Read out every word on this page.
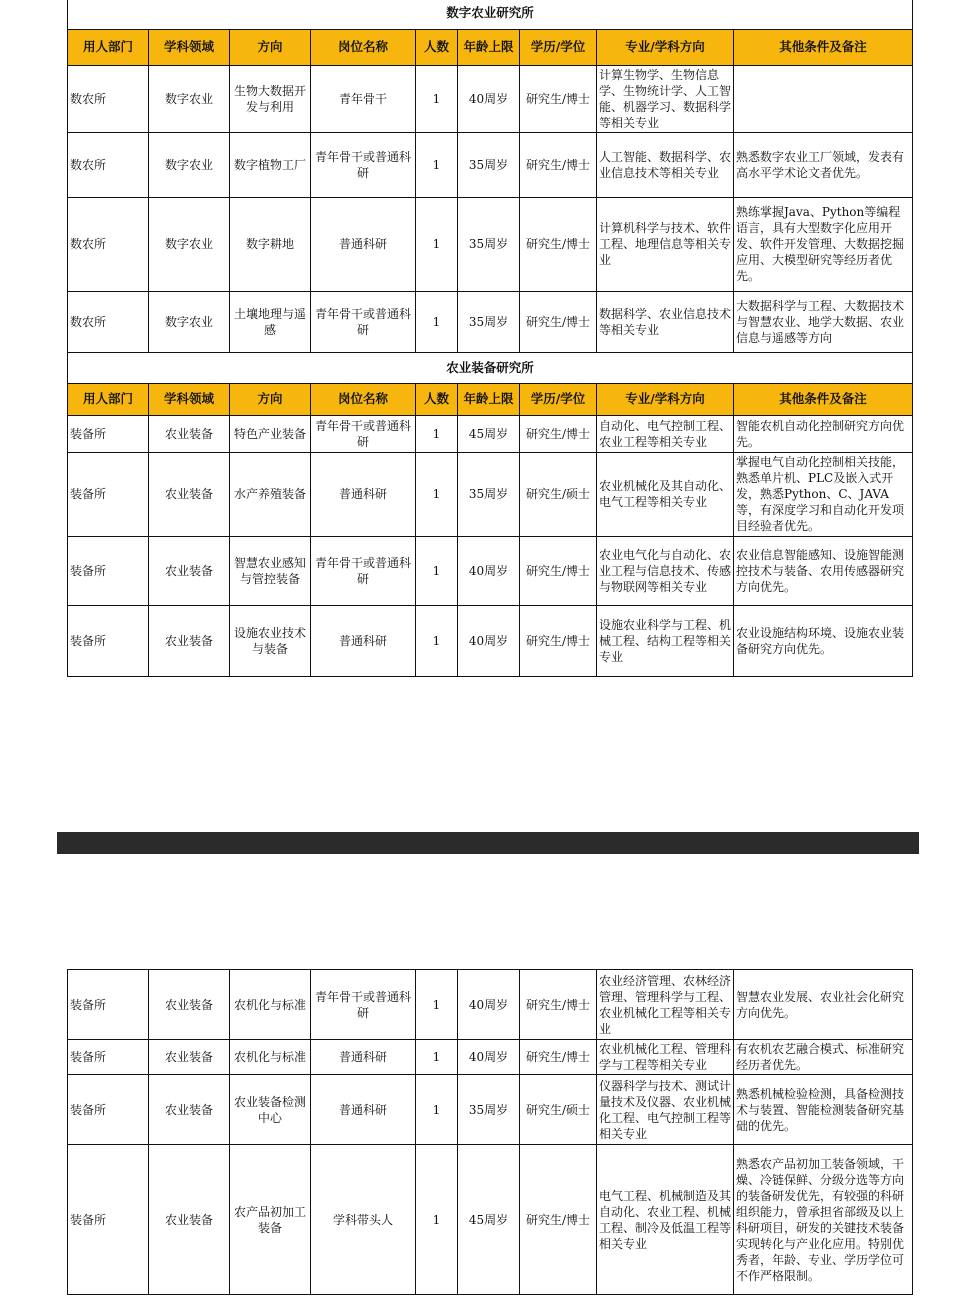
数字农业研究所								
用人部门	学科领域	方向	岗位名称	人数	年龄上限	学历/学位	专业/学科方向	其他条件及备注
数农所	数字农业	生物大数据开发与利用	青年骨干	1	40周岁	研究生/博士	计算生物学、生物信息学、生物统计学、人工智能、机器学习、数据科学等相关专业	
数农所	数字农业	数字植物工厂	青年骨干或普通科研	1	35周岁	研究生/博士	人工智能、数据科学、农业信息技术等相关专业	熟悉数字农业工厂领域，发表有高水平学术论文者优先。
数农所	数字农业	数字耕地	普通科研	1	35周岁	研究生/博士	计算机科学与技术、软件工程、地理信息等相关专业	熟练掌握Java、Python等编程语言，具有大型数字化应用开发、软件开发管理、大数据挖掘应用、大模型研究等经历者优先。
数农所	数字农业	土壤地理与遥感	青年骨干或普通科研	1	35周岁	研究生/博士	数据科学、农业信息技术等相关专业	大数据科学与工程、大数据技术与智慧农业、地学大数据、农业信息与遥感等方向
农业装备研究所								
用人部门	学科领域	方向	岗位名称	人数	年龄上限	学历/学位	专业/学科方向	其他条件及备注
装备所	农业装备	特色产业装备	青年骨干或普通科研	1	45周岁	研究生/博士	自动化、电气控制工程、农业工程等相关专业	智能农机自动化控制研究方向优先。
装备所	农业装备	水产养殖装备	普通科研	1	35周岁	研究生/硕士	农业机械化及其自动化、电气工程等相关专业	掌握电气自动化控制相关技能，熟悉单片机、PLC及嵌入式开发，熟悉Python、C、JAVA等，有深度学习和自动化开发项目经验者优先。
装备所	农业装备	智慧农业感知与管控装备	青年骨干或普通科研	1	40周岁	研究生/博士	农业电气化与自动化、农业工程与信息技术、传感与物联网等相关专业	农业信息智能感知、设施智能测控技术与装备、农用传感器研究方向优先。
装备所	农业装备	设施农业技术与装备	普通科研	1	40周岁	研究生/博士	设施农业科学与工程、机械工程、结构工程等相关专业	农业设施结构环境、设施农业装备研究方向优先。
装备所	农业装备	农机化与标准	青年骨干或普通科研	1	40周岁	研究生/博士	农业经济管理、农林经济管理、管理科学与工程、农业机械化工程等相关专业	智慧农业发展、农业社会化研究方向优先。
装备所	农业装备	农机化与标准	普通科研	1	40周岁	研究生/博士	农业机械化工程、管理科学与工程等相关专业	有农机农艺融合模式、标准研究经历者优先。
装备所	农业装备	农业装备检测中心	普通科研	1	35周岁	研究生/硕士	仪器科学与技术、测试计量技术及仪器、农业机械化工程、电气控制工程等相关专业	熟悉机械检验检测，具备检测技术与装置、智能检测装备研究基础的优先。
装备所	农业装备	农产品初加工装备	学科带头人	1	45周岁	研究生/博士	电气工程、机械制造及其自动化、农业工程、机械工程、制冷及低温工程等相关专业	熟悉农产品初加工装备领域，干燥、冷链保鲜、分级分选等方向的装备研发优先，有较强的科研组织能力，曾承担省部级及以上科研项目，研发的关键技术装备实现转化与产业化应用。特别优秀者，年龄、专业、学历学位可不作严格限制。
